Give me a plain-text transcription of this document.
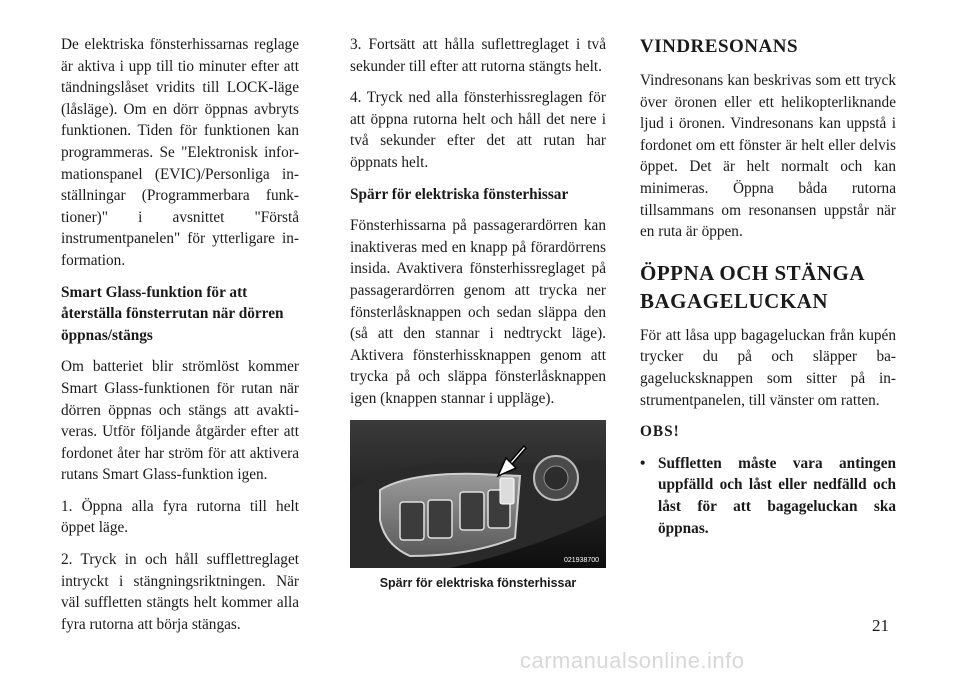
De elektriska fönsterhissarnas reglage är aktiva i upp till tio minuter efter att tändningslåset vridits till LOCK-läge (låsläge). Om en dörr öppnas avbryts funktionen. Tiden för funktionen kan programmeras. Se "Elektronisk informationspanel (EVIC)/Personliga inställningar (Programmerbara funktioner)" i avsnittet "Förstå instrumentpanelen" för ytterligare information.

Smart Glass-funktion för att återställa fönsterrutan när dörren öppnas/stängs

Om batteriet blir strömlöst kommer Smart Glass-funktionen för rutan när dörren öppnas och stängs att avaktiveras. Utför följande åtgärder efter att fordonet åter har ström för att aktivera rutans Smart Glass-funktion igen.

1. Öppna alla fyra rutorna till helt öppet läge.

2. Tryck in och håll sufflettreglaget intryckt i stängningsriktningen. När väl suffletten stängts helt kommer alla fyra rutorna att börja stängas.

3. Fortsätt att hålla suflettreglaget i två sekunder till efter att rutorna stängts helt.

4. Tryck ned alla fönsterhissreglagen för att öppna rutorna helt och håll det nere i två sekunder efter det att rutan har öppnats helt.

Spärr för elektriska fönsterhissar

Fönsterhissarna på passagerardörren kan inaktiveras med en knapp på förardörrens insida. Avaktivera fönsterhissreglaget på passagerardörren genom att trycka ner fönsterlåsknappen och sedan släppa den (så att den stannar i nedtryckt läge). Aktivera fönsterhissknappen genom att trycka på och släppa fönsterlåsknappen igen (knappen stannar i uppläge).

021938700
Spärr för elektriska fönsterhissar
VINDRESONANS

Vindresonans kan beskrivas som ett tryck över öronen eller ett helikopterliknande ljud i öronen. Vindresonans kan uppstå i fordonet om ett fönster är helt eller delvis öppet. Det är helt normalt och kan minimeras. Öppna båda rutorna tillsammans om resonansen uppstår när en ruta är öppen.

ÖPPNA OCH STÄNGA BAGAGELUCKAN

För att låsa upp bagageluckan från kupén trycker du på och släpper bagagelucksknappen som sitter på instrumentpanelen, till vänster om ratten.

OBS!

• Suffletten måste vara antingen uppfälld och låst eller nedfälld och låst för att bagageluckan ska öppnas.
21
carmanualsonline.info
